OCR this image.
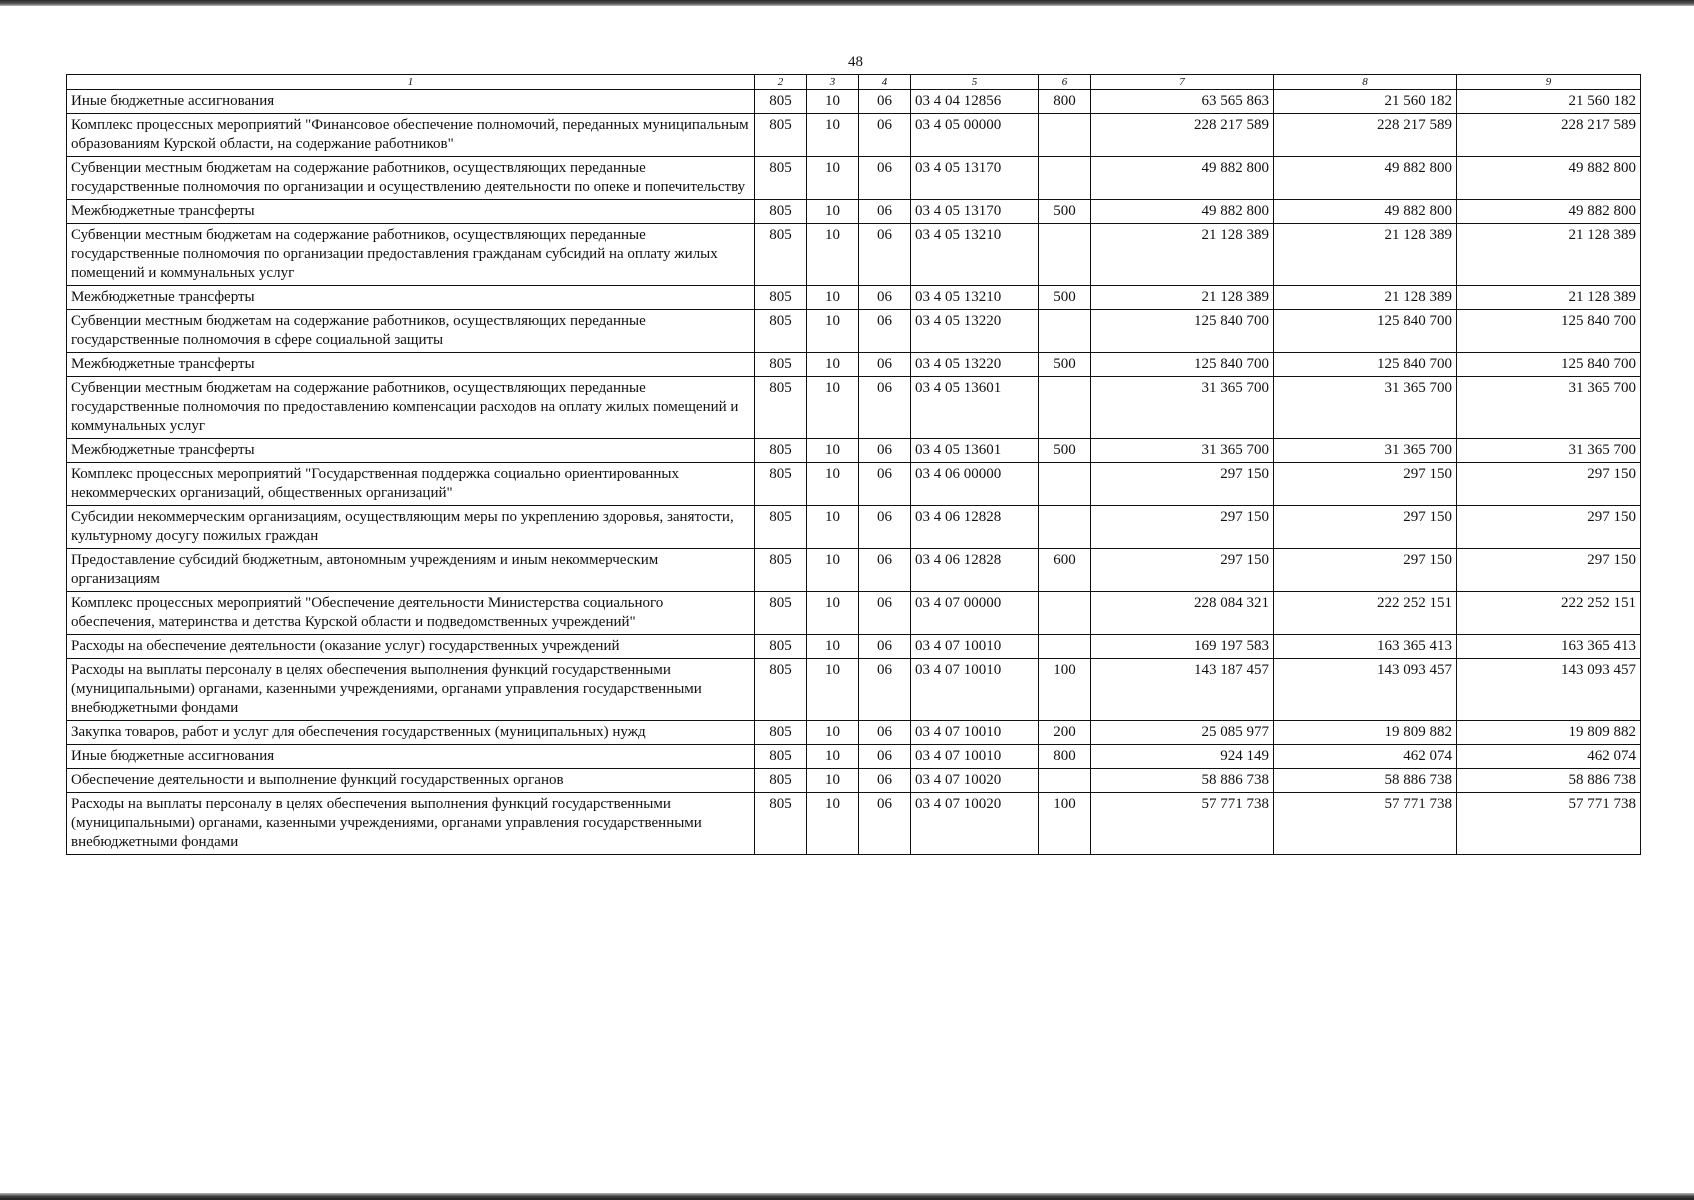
48
1	2	3	4	5	6	7	8	9
Иные бюджетные ассигнования	805	10	06	03 4 04 12856	800	63 565 863	21 560 182	21 560 182
Комплекс процессных мероприятий "Финансовое обеспечение полномочий, переданных муниципальным образованиям Курской области, на содержание работников"	805	10	06	03 4 05 00000		228 217 589	228 217 589	228 217 589
Субвенции местным бюджетам на содержание работников, осуществляющих переданные государственные полномочия по организации и осуществлению деятельности по опеке и попечительству	805	10	06	03 4 05 13170		49 882 800	49 882 800	49 882 800
Межбюджетные трансферты	805	10	06	03 4 05 13170	500	49 882 800	49 882 800	49 882 800
Субвенции местным бюджетам на содержание работников, осуществляющих переданные государственные полномочия по организации предоставления гражданам субсидий на оплату жилых помещений и коммунальных услуг	805	10	06	03 4 05 13210		21 128 389	21 128 389	21 128 389
Межбюджетные трансферты	805	10	06	03 4 05 13210	500	21 128 389	21 128 389	21 128 389
Субвенции местным бюджетам на содержание работников, осуществляющих переданные государственные полномочия в сфере социальной защиты	805	10	06	03 4 05 13220		125 840 700	125 840 700	125 840 700
Межбюджетные трансферты	805	10	06	03 4 05 13220	500	125 840 700	125 840 700	125 840 700
Субвенции местным бюджетам на содержание работников, осуществляющих переданные государственные полномочия по предоставлению компенсации расходов на оплату жилых помещений и коммунальных услуг	805	10	06	03 4 05 13601		31 365 700	31 365 700	31 365 700
Межбюджетные трансферты	805	10	06	03 4 05 13601	500	31 365 700	31 365 700	31 365 700
Комплекс процессных мероприятий "Государственная поддержка социально ориентированных некоммерческих организаций, общественных организаций"	805	10	06	03 4 06 00000		297 150	297 150	297 150
Субсидии некоммерческим организациям, осуществляющим меры по укреплению здоровья, занятости, культурному досугу пожилых граждан	805	10	06	03 4 06 12828		297 150	297 150	297 150
Предоставление субсидий бюджетным, автономным учреждениям и иным некоммерческим организациям	805	10	06	03 4 06 12828	600	297 150	297 150	297 150
Комплекс процессных мероприятий "Обеспечение деятельности Министерства социального обеспечения, материнства и детства Курской области и подведомственных учреждений"	805	10	06	03 4 07 00000		228 084 321	222 252 151	222 252 151
Расходы на обеспечение деятельности (оказание услуг) государственных учреждений	805	10	06	03 4 07 10010		169 197 583	163 365 413	163 365 413
Расходы на выплаты персоналу в целях обеспечения выполнения функций государственными (муниципальными) органами, казенными учреждениями, органами управления государственными внебюджетными фондами	805	10	06	03 4 07 10010	100	143 187 457	143 093 457	143 093 457
Закупка товаров, работ и услуг для обеспечения государственных (муниципальных) нужд	805	10	06	03 4 07 10010	200	25 085 977	19 809 882	19 809 882
Иные бюджетные ассигнования	805	10	06	03 4 07 10010	800	924 149	462 074	462 074
Обеспечение деятельности и выполнение функций государственных органов	805	10	06	03 4 07 10020		58 886 738	58 886 738	58 886 738
Расходы на выплаты персоналу в целях обеспечения выполнения функций государственными (муниципальными) органами, казенными учреждениями, органами управления государственными внебюджетными фондами	805	10	06	03 4 07 10020	100	57 771 738	57 771 738	57 771 738
